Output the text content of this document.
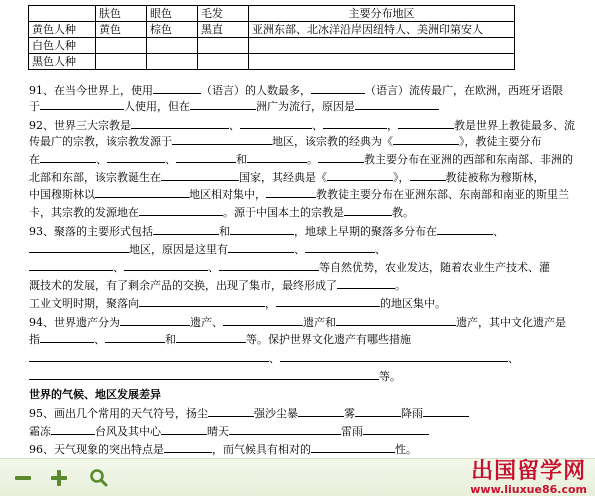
	肤色	眼色	毛发	主要分布地区
黄色人种	黄色	棕色	黑直	亚洲东部、北冰洋沿岸因纽特人、美洲印第安人
白色人种				
黑色人种				
91、在当今世界上，使用	（语言）的人数最多，	（语言）流传最广，在欧洲，西班牙语限
于	人使用，但在	洲广为流行，原因是
92、世界三大宗教是	、	、	，	教是世界上教徒最多、流
传最广的宗教，该宗教发源于	地区，该宗教的经典为《	》，教徒主要分布
在	、	、	和	。	教主要分布在亚洲的西部和东南部、非洲的
北部和东部，该宗教诞生在	国家，其经典是《	》，	教徒被称为穆斯林，
中国穆斯林以	地区相对集中，	教教徒主要分布在亚洲东部、东南部和南亚的斯里兰
卡，其宗教的发源地在	。源于中国本土的宗教是	教。
93、聚落的主要形式包括	和	，地球上早期的聚落多分布在	、
地区，原因是这里有	、	、
、	、	等自然优势，农业发达，随着农业生产技术、灌
溉技术的发展，有了剩余产品的交换，出现了集市，最终形成了	。
工业文明时期，聚落向	，	的地区集中。
94、世界遗产分为	遗产、	遗产和	遗产，其中文化遗产是
指	、	和	等。保护世界文化遗产有哪些措施
、	、
等。
世界的气候、地区发展差异
95、画出几个常用的天气符号，扬尘	强沙尘暴	雾	降雨
霜冻	台风及其中心	晴天	雷雨
96、天气现象的突出特点是	，而气候具有相对的	性。
出国留学网
www.liuxue86.com
